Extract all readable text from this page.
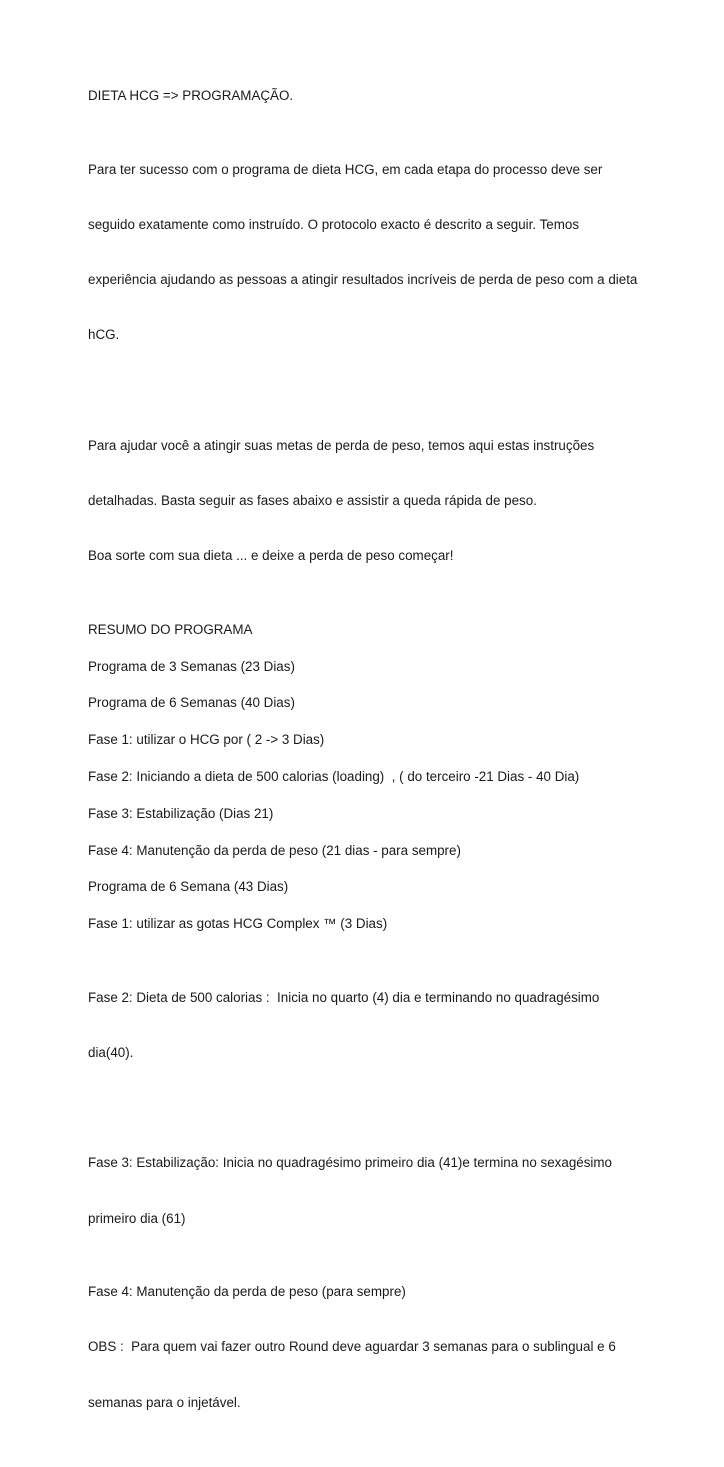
DIETA HCG => PROGRAMAÇÃO.

Para ter sucesso com o programa de dieta HCG, em cada etapa do processo deve ser

seguido exatamente como instruído. O protocolo exacto é descrito a seguir. Temos

experiência ajudando as pessoas a atingir resultados incríveis de perda de peso com a dieta

hCG.

Para ajudar você a atingir suas metas de perda de peso, temos aqui estas instruções

detalhadas. Basta seguir as fases abaixo e assistir a queda rápida de peso.

Boa sorte com sua dieta ... e deixe a perda de peso começar!

RESUMO DO PROGRAMA

Programa de 3 Semanas (23 Dias)

Programa de 6 Semanas (40 Dias)

Fase 1: utilizar o HCG por ( 2 -> 3 Dias)

Fase 2: Iniciando a dieta de 500 calorias (loading)  , ( do terceiro -21 Dias - 40 Dia)

Fase 3: Estabilização (Dias 21)

Fase 4: Manutenção da perda de peso (21 dias - para sempre)

Programa de 6 Semana (43 Dias)

Fase 1: utilizar as gotas HCG Complex ™ (3 Dias)

Fase 2: Dieta de 500 calorias :  Inicia no quarto (4) dia e terminando no quadragésimo

dia(40).

Fase 3: Estabilização: Inicia no quadragésimo primeiro dia (41)e termina no sexagésimo

primeiro dia (61)

Fase 4: Manutenção da perda de peso (para sempre)

OBS :  Para quem vai fazer outro Round deve aguardar 3 semanas para o sublingual e 6

semanas para o injetável.
